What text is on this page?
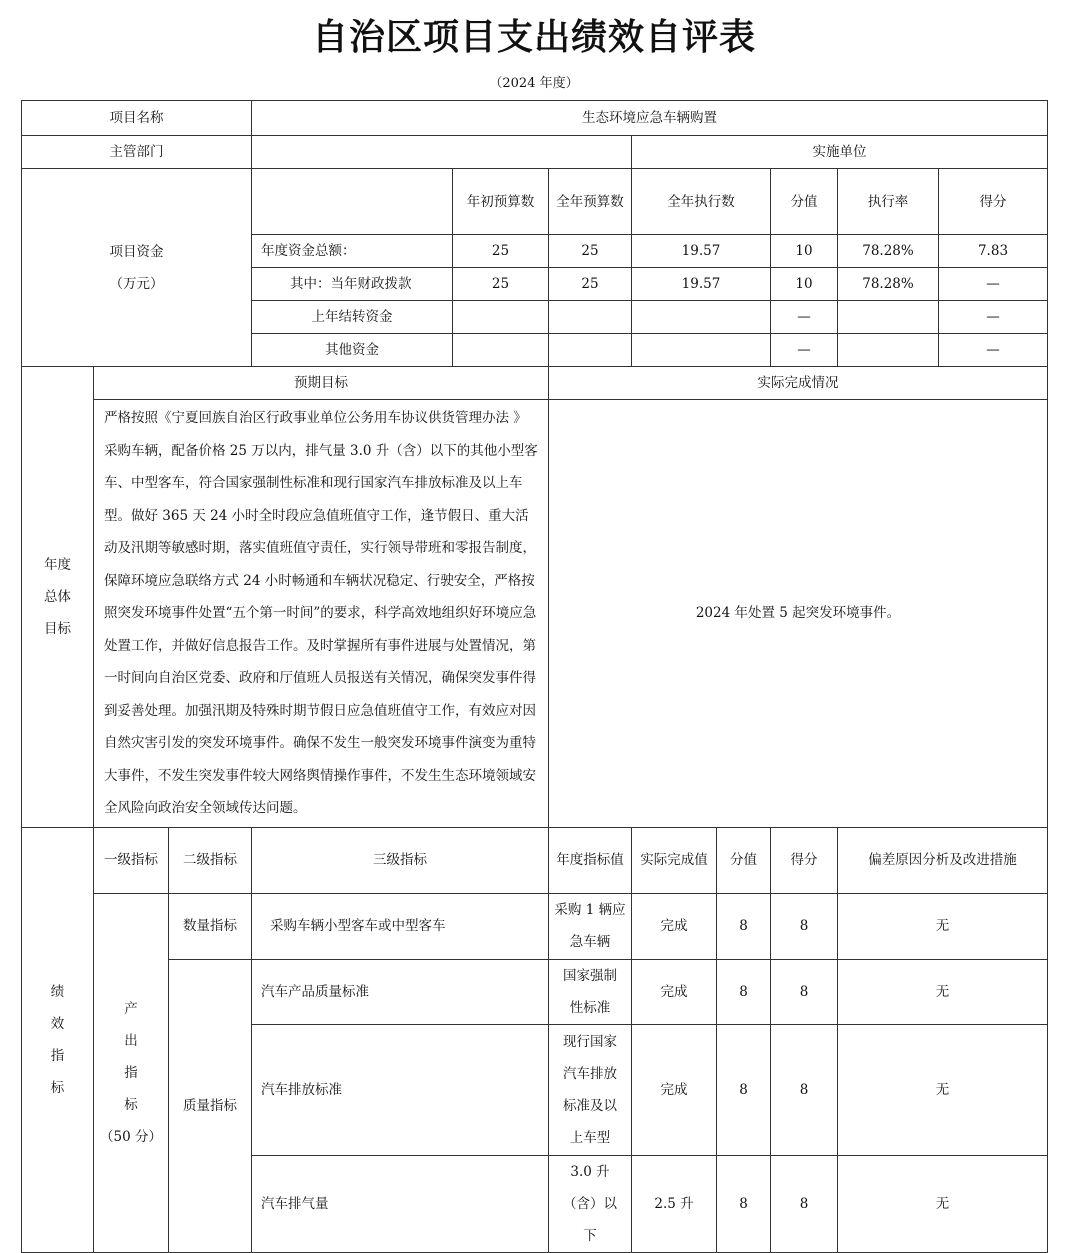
自治区项目支出绩效自评表
（2024 年度）
项目名称			生态环境应急车辆购置							
主管部门						实施单位				

项目资金
（万元）				年初预算数	全年预算数	全年执行数		分值	执行率	得分
			年度资金总额：	25	25	19.57		10	78.28%	7.83
			其中：当年财政拨款	25	25	19.57		10	78.28%	—
			上年结转资金					—		—
			其他资金					—		—

年度
总体
目标	预期目标				实际完成情况					
	严格按照《宁夏回族自治区行政事业单位公务用车协议供货管理办法 》采购车辆，配备价格 25 万以内，排气量 3.0 升（含）以下的其他小型客车、中型客车，符合国家强制性标准和现行国家汽车排放标准及以上车型。做好 365 天 24 小时全时段应急值班值守工作，逢节假日、重大活动及汛期等敏感时期，落实值班值守责任，实行领导带班和零报告制度，保障环境应急联络方式 24 小时畅通和车辆状况稳定、行驶安全，严格按照突发环境事件处置“五个第一时间”的要求，科学高效地组织好环境应急处置工作，并做好信息报告工作。及时掌握所有事件进展与处置情况，第一时间向自治区党委、政府和厅值班人员报送有关情况，确保突发事件得到妥善处理。加强汛期及特殊时期节假日应急值班值守工作，有效应对因自然灾害引发的突发环境事件。确保不发生一般突发环境事件演变为重特大事件，不发生突发事件较大网络舆情操作事件，不发生生态环境领域安全风险向政治安全领域传达问题。				2024 年处置 5 起突发环境事件。					

绩
效
指
标	一级指标	二级指标	三级指标		年度指标值	实际完成值	分值	得分	偏差原因分析及改进措施	

	产
出
指
标
（50 分）	数量指标	采购车辆小型客车或中型客车		采购 1 辆应急车辆	完成	8	8	无	
		质量指标	汽车产品质量标准		国家强制性标准	完成	8	8	无	
			汽车排放标准		现行国家汽车排放标准及以上车型	完成	8	8	无	
			汽车排气量		3.0 升（含）以下	2.5 升	8	8	无	
